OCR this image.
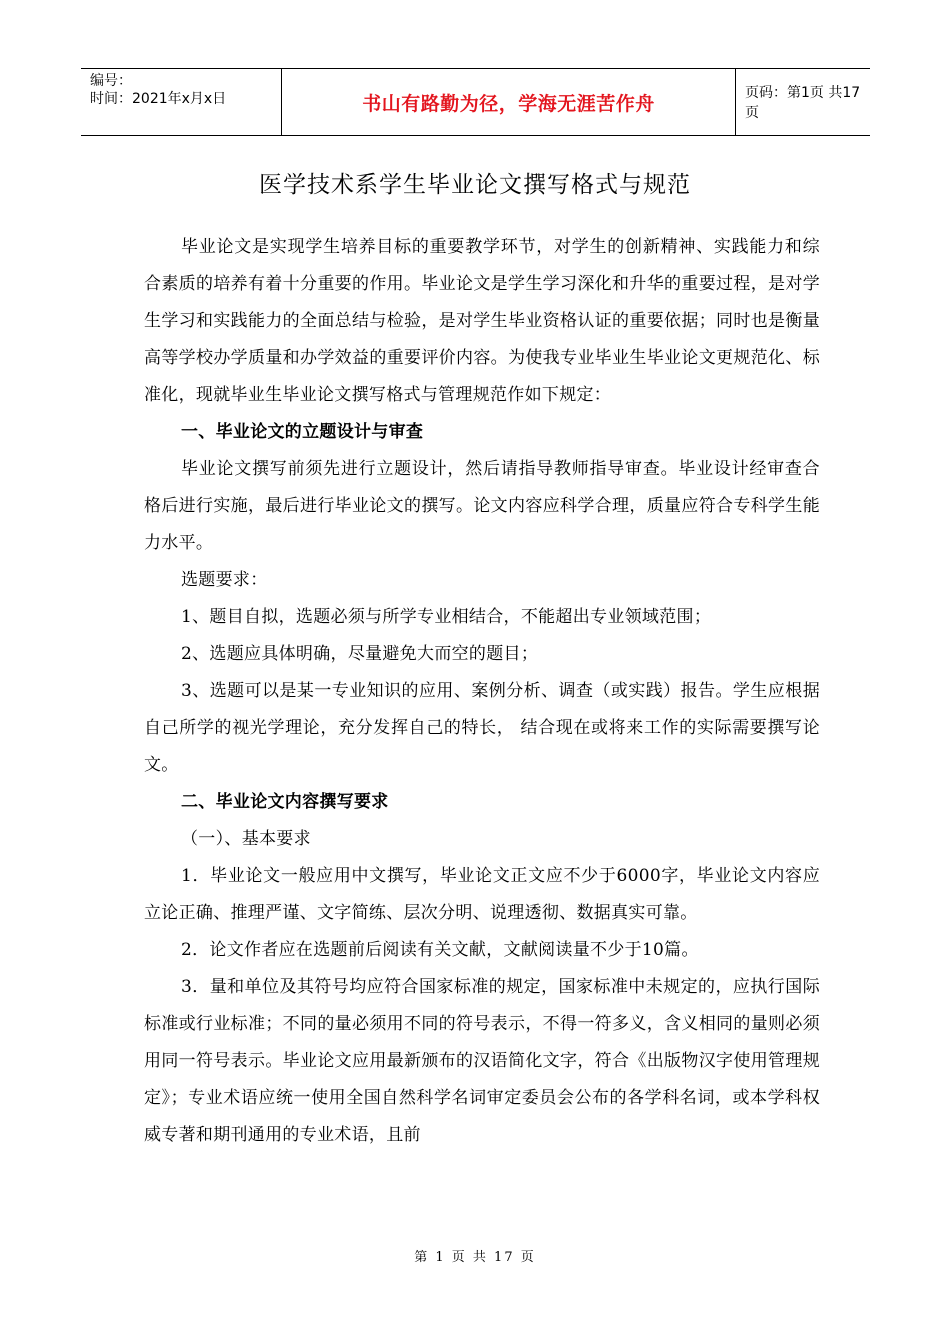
编号：
时间：2021年x月x日	书山有路勤为径，学海无涯苦作舟	页码：第1页 共17页
医学技术系学生毕业论文撰写格式与规范

毕业论文是实现学生培养目标的重要教学环节，对学生的创新精神、实践能力和综合素质的培养有着十分重要的作用。毕业论文是学生学习深化和升华的重要过程，是对学生学习和实践能力的全面总结与检验，是对学生毕业资格认证的重要依据；同时也是衡量高等学校办学质量和办学效益的重要评价内容。为使我专业毕业生毕业论文更规范化、标准化，现就毕业生毕业论文撰写格式与管理规范作如下规定：

一、毕业论文的立题设计与审查

毕业论文撰写前须先进行立题设计，然后请指导教师指导审查。毕业设计经审查合格后进行实施，最后进行毕业论文的撰写。论文内容应科学合理，质量应符合专科学生能力水平。

选题要求：

1、题目自拟，选题必须与所学专业相结合，不能超出专业领域范围；

2、选题应具体明确，尽量避免大而空的题目；

3、选题可以是某一专业知识的应用、案例分析、调查（或实践）报告。学生应根据自己所学的视光学理论，充分发挥自己的特长， 结合现在或将来工作的实际需要撰写论文。

二、毕业论文内容撰写要求

（一）、基本要求

1．毕业论文一般应用中文撰写，毕业论文正文应不少于6000字，毕业论文内容应立论正确、推理严谨、文字简练、层次分明、说理透彻、数据真实可靠。

2．论文作者应在选题前后阅读有关文献，文献阅读量不少于10篇。

3．量和单位及其符号均应符合国家标准的规定，国家标准中未规定的，应执行国际标准或行业标准；不同的量必须用不同的符号表示，不得一符多义，含义相同的量则必须用同一符号表示。毕业论文应用最新颁布的汉语简化文字，符合《出版物汉字使用管理规定》；专业术语应统一使用全国自然科学名词审定委员会公布的各学科名词，或本学科权威专著和期刊通用的专业术语，且前

第 1 页 共 17 页
